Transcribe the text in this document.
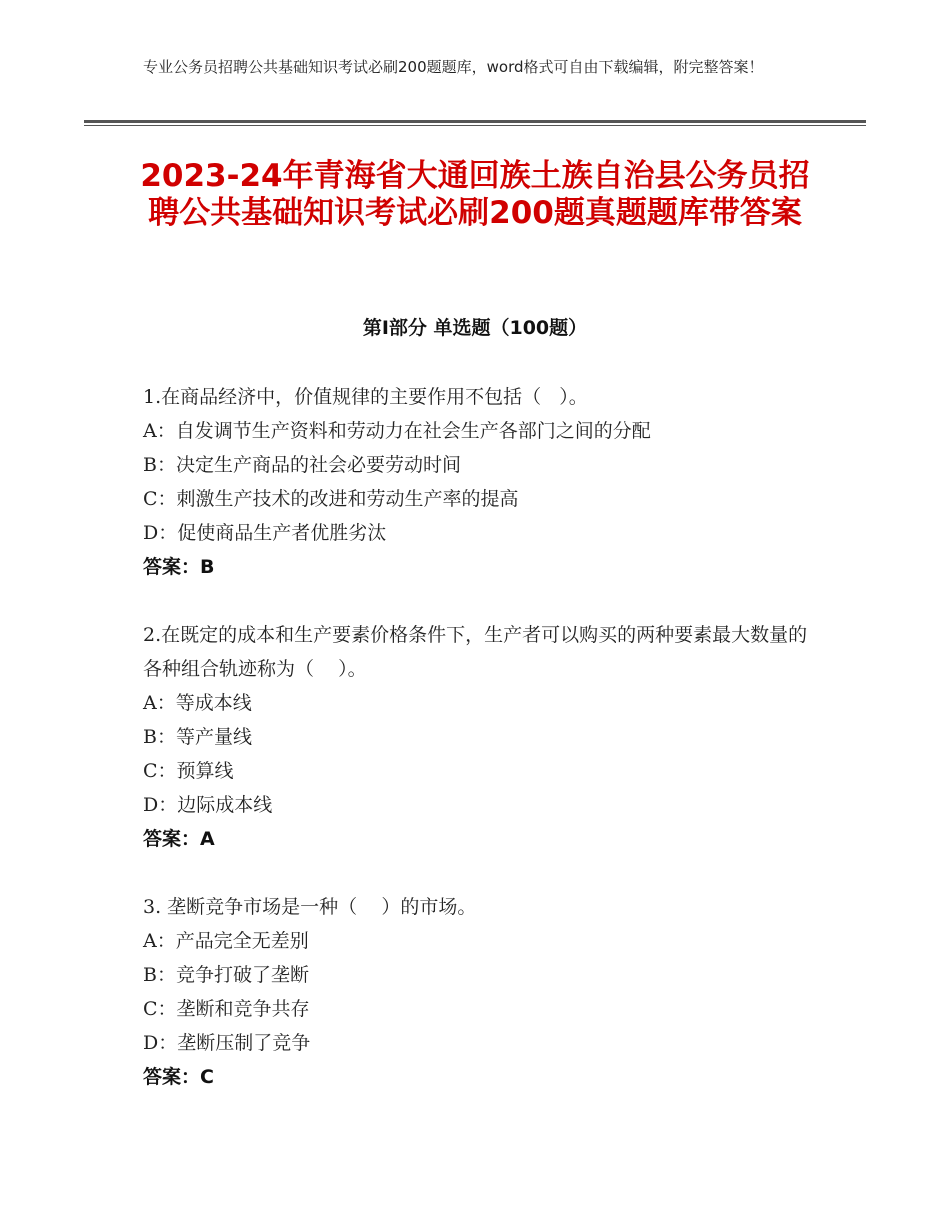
专业公务员招聘公共基础知识考试必刷200题题库，word格式可自由下载编辑，附完整答案！
2023-24年青海省大通回族土族自治县公务员招聘公共基础知识考试必刷200题真题题库带答案
第Ⅰ部分 单选题（100题）
1.在商品经济中，价值规律的主要作用不包括（   ）。
A：自发调节生产资料和劳动力在社会生产各部门之间的分配
B：决定生产商品的社会必要劳动时间
C：刺激生产技术的改进和劳动生产率的提高
D：促使商品生产者优胜劣汰
答案：B
2.在既定的成本和生产要素价格条件下，生产者可以购买的两种要素最大数量的各种组合轨迹称为（    ）。
A：等成本线
B：等产量线
C：预算线
D：边际成本线
答案：A
3. 垄断竞争市场是一种（    ）的市场。
A：产品完全无差别
B：竞争打破了垄断
C：垄断和竞争共存
D：垄断压制了竞争
答案：C
